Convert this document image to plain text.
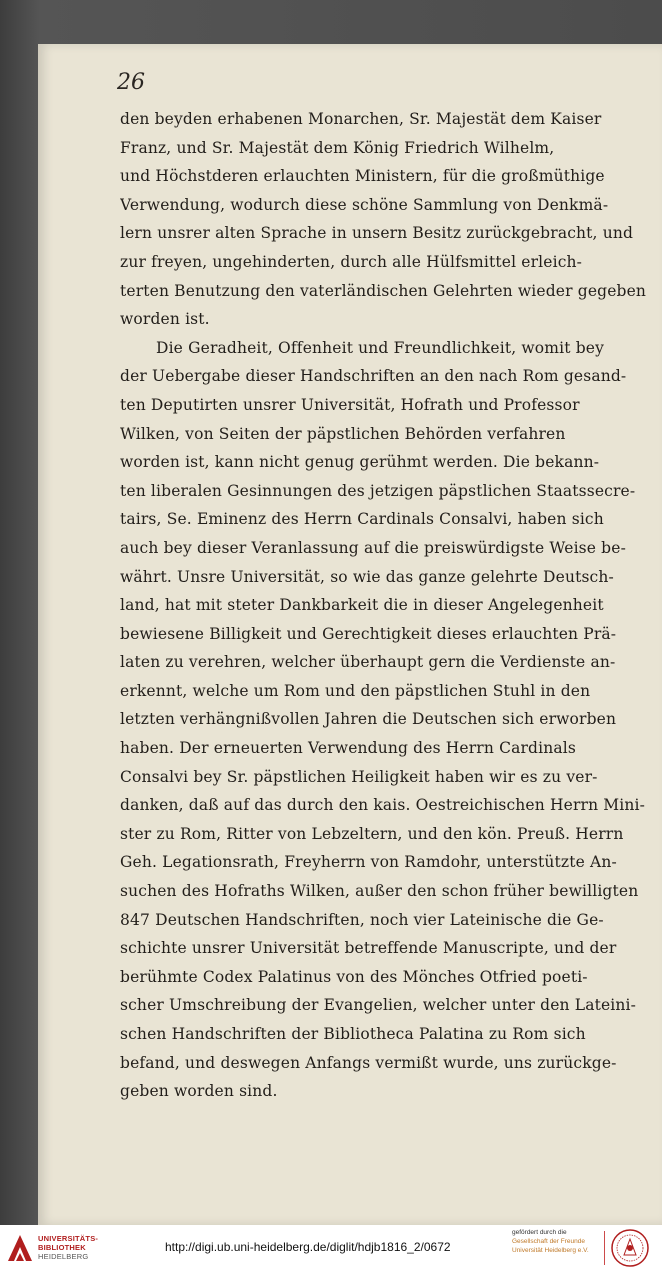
26
den beyden erhabenen Monarchen, Sr. Majestät dem Kaiser
Franz, und Sr. Majestät dem König Friedrich Wilhelm,
und Höchstderen erlauchten Ministern, für die großmüthige
Verwendung, wodurch diese schöne Sammlung von Denkmä-
lern unsrer alten Sprache in unsern Besitz zurückgebracht, und
zur freyen, ungehinderten, durch alle Hülfsmittel erleich-
terten Benutzung den vaterländischen Gelehrten wieder gegeben
worden ist.
Die Geradheit, Offenheit und Freundlichkeit, womit bey
der Uebergabe dieser Handschriften an den nach Rom gesand-
ten Deputirten unsrer Universität, Hofrath und Professor
Wilken, von Seiten der päpstlichen Behörden verfahren
worden ist, kann nicht genug gerühmt werden. Die bekann-
ten liberalen Gesinnungen des jetzigen päpstlichen Staatssecre-
tairs, Se. Eminenz des Herrn Cardinals Consalvi, haben sich
auch bey dieser Veranlassung auf die preiswürdigste Weise be-
währt. Unsre Universität, so wie das ganze gelehrte Deutsch-
land, hat mit steter Dankbarkeit die in dieser Angelegenheit
bewiesene Billigkeit und Gerechtigkeit dieses erlauchten Prä-
laten zu verehren, welcher überhaupt gern die Verdienste an-
erkennt, welche um Rom und den päpstlichen Stuhl in den
letzten verhängnißvollen Jahren die Deutschen sich erworben
haben. Der erneuerten Verwendung des Herrn Cardinals
Consalvi bey Sr. päpstlichen Heiligkeit haben wir es zu ver-
danken, daß auf das durch den kais. Oestreichischen Herrn Mini-
ster zu Rom, Ritter von Lebzeltern, und den kön. Preuß. Herrn
Geh. Legationsrath, Freyherrn von Ramdohr, unterstützte An-
suchen des Hofraths Wilken, außer den schon früher bewilligten
847 Deutschen Handschriften, noch vier Lateinische die Ge-
schichte unsrer Universität betreffende Manuscripte, und der
berühmte Codex Palatinus von des Mönches Otfried poeti-
scher Umschreibung der Evangelien, welcher unter den Lateini-
schen Handschriften der Bibliotheca Palatina zu Rom sich
befand, und deswegen Anfangs vermißt wurde, uns zurückge-
geben worden sind.
UNIVERSITÄTS-
BIBLIOTHEK
HEIDELBERG
http://digi.ub.uni-heidelberg.de/diglit/hdjb1816_2/0672
gefördert durch die
Gesellschaft der Freunde
Universität Heidelberg e.V.
